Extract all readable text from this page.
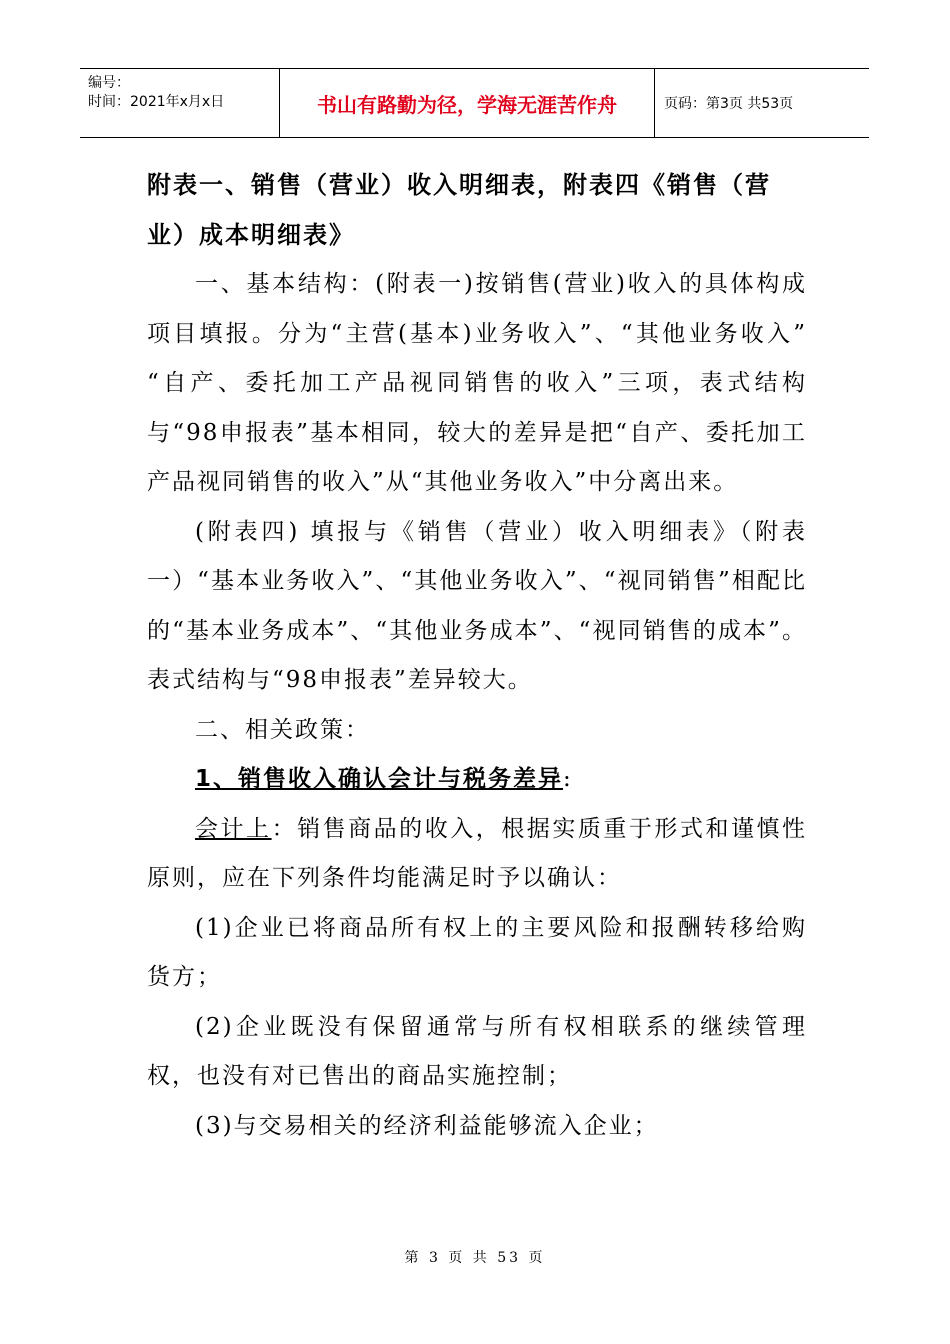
编号：
时间：2021年x月x日	书山有路勤为径，学海无涯苦作舟	页码：第3页 共53页

附表一、销售（营业）收入明细表，附表四《销售（营业）成本明细表》

一、基本结构：(附表一)按销售(营业)收入的具体构成项目填报。分为“主营(基本)业务收入”、“其他业务收入” “自产、委托加工产品视同销售的收入”三项，表式结构与“98申报表”基本相同，较大的差异是把“自产、委托加工产品视同销售的收入”从“其他业务收入”中分离出来。

(附表四) 填报与《销售（营业）收入明细表》（附表一）“基本业务收入”、“其他业务收入”、“视同销售”相配比的“基本业务成本”、“其他业务成本”、“视同销售的成本”。表式结构与“98申报表”差异较大。

二、相关政策：

1、销售收入确认会计与税务差异:

会计上：销售商品的收入，根据实质重于形式和谨慎性原则，应在下列条件均能满足时予以确认：

(1)企业已将商品所有权上的主要风险和报酬转移给购货方；

(2)企业既没有保留通常与所有权相联系的继续管理权，也没有对已售出的商品实施控制；

(3)与交易相关的经济利益能够流入企业；

第 3 页 共 53 页
